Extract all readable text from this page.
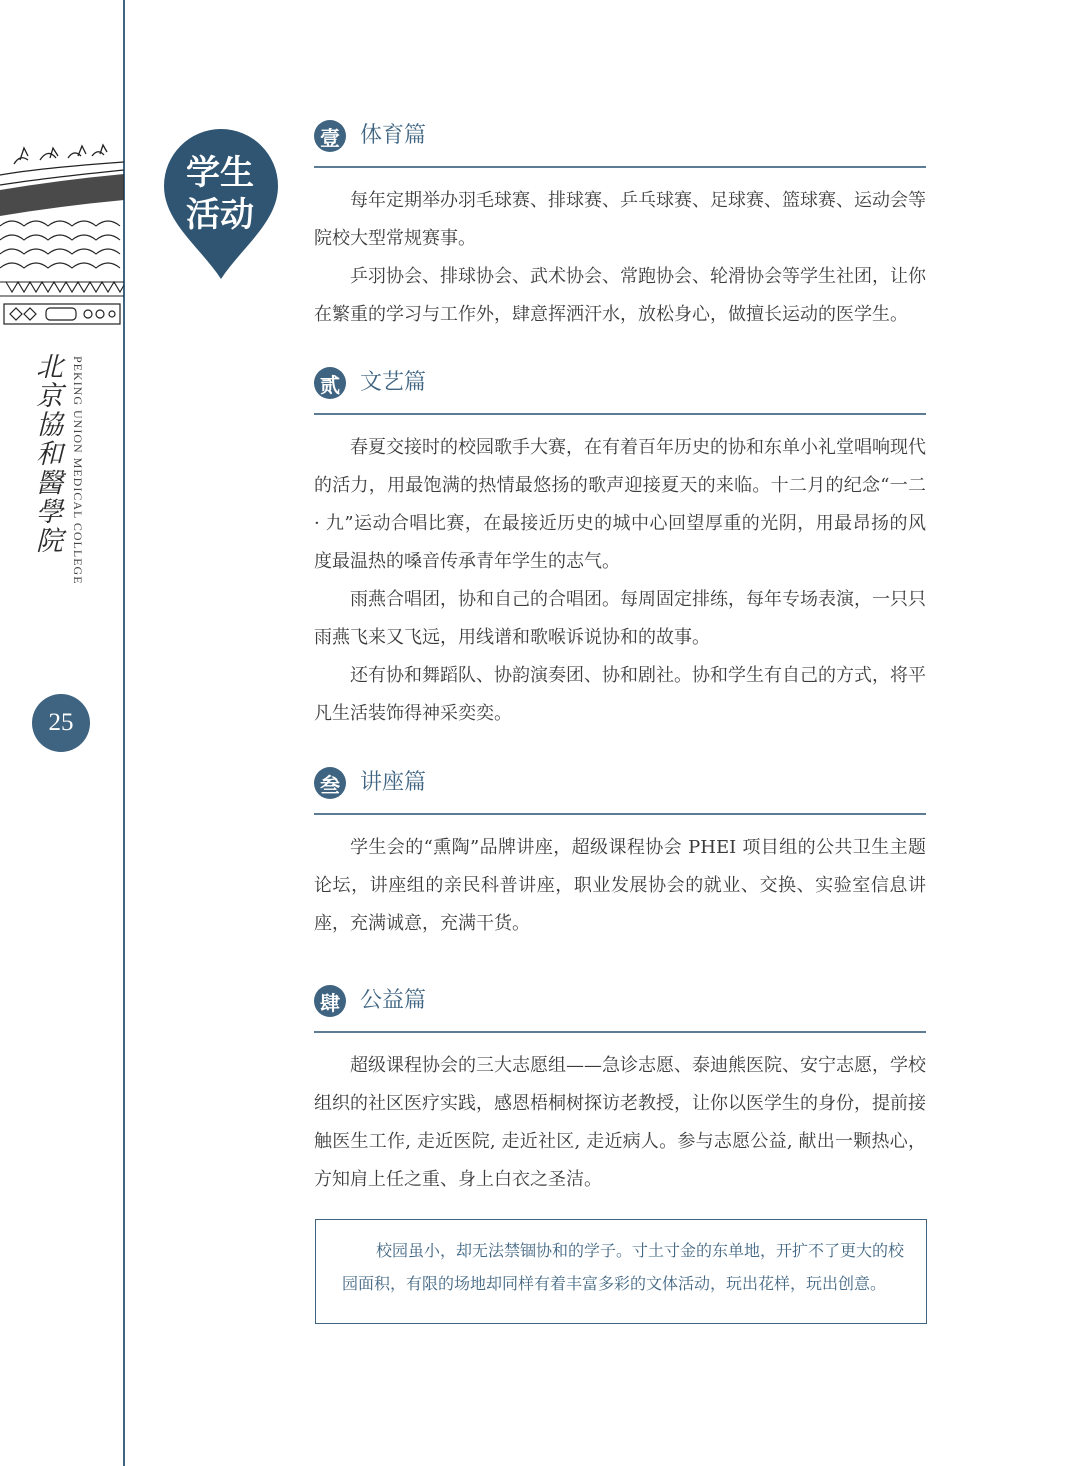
北京協和醫學院 PEKING UNION MEDICAL COLLEGE
25
学生
活动
壹 体育篇

每年定期举办羽毛球赛、排球赛、乒乓球赛、足球赛、篮球赛、运动会等院校大型常规赛事。

乒羽协会、排球协会、武术协会、常跑协会、轮滑协会等学生社团，让你在繁重的学习与工作外，肆意挥洒汗水，放松身心，做擅长运动的医学生。

贰 文艺篇

春夏交接时的校园歌手大赛，在有着百年历史的协和东单小礼堂唱响现代的活力，用最饱满的热情最悠扬的歌声迎接夏天的来临。十二月的纪念“一二 · 九”运动合唱比赛，在最接近历史的城中心回望厚重的光阴，用最昂扬的风度最温热的嗓音传承青年学生的志气。

雨燕合唱团，协和自己的合唱团。每周固定排练，每年专场表演，一只只雨燕飞来又飞远，用线谱和歌喉诉说协和的故事。

还有协和舞蹈队、协韵演奏团、协和剧社。协和学生有自己的方式，将平凡生活装饰得神采奕奕。

叁 讲座篇

学生会的“熏陶”品牌讲座，超级课程协会 PHEI 项目组的公共卫生主题论坛，讲座组的亲民科普讲座，职业发展协会的就业、交换、实验室信息讲座，充满诚意，充满干货。

肆 公益篇

超级课程协会的三大志愿组——急诊志愿、泰迪熊医院、安宁志愿，学校组织的社区医疗实践，感恩梧桐树探访老教授，让你以医学生的身份，提前接触医生工作, 走近医院, 走近社区, 走近病人。参与志愿公益, 献出一颗热心，方知肩上任之重、身上白衣之圣洁。

校园虽小，却无法禁锢协和的学子。寸土寸金的东单地，开扩不了更大的校园面积，有限的场地却同样有着丰富多彩的文体活动，玩出花样，玩出创意。
